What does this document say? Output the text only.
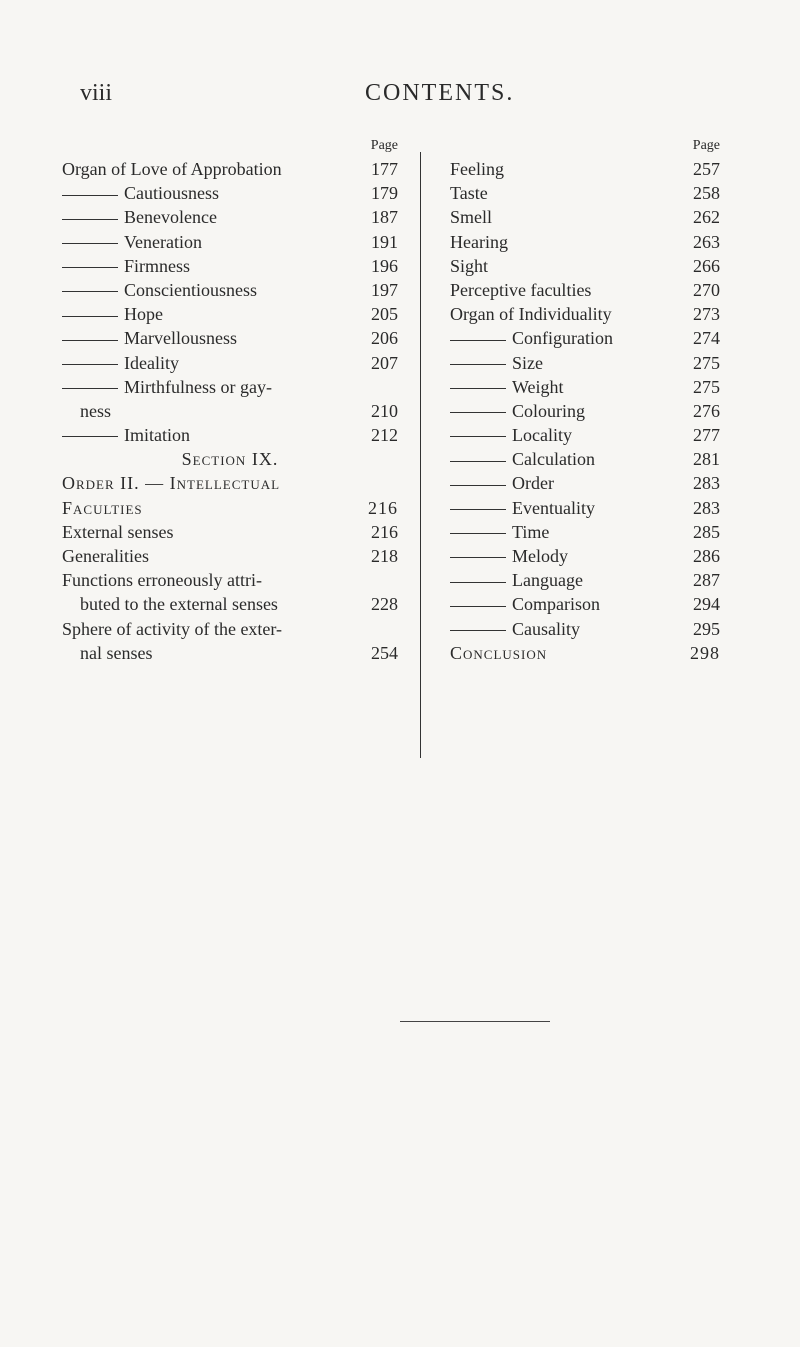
viii	CONTENTS.
Page
Organ of Love of Approbation	177
Cautiousness	179
Benevolence	187
Veneration	191
Firmness	196
Conscientiousness	197
Hope	205
Marvellousness	206
Ideality	207
Mirthfulness or gay-
ness	210
Imitation	212
Section IX.
Order II. — Intellectual
Faculties	216
External senses	216
Generalities	218
Functions erroneously attri-
buted to the external senses	228
Sphere of activity of the exter-
nal senses	254
Page
Feeling	257
Taste	258
Smell	262
Hearing	263
Sight	266
Perceptive faculties	270
Organ of Individuality	273
Configuration	274
Size	275
Weight	275
Colouring	276
Locality	277
Calculation	281
Order	283
Eventuality	283
Time	285
Melody	286
Language	287
Comparison	294
Causality	295
Conclusion	298
